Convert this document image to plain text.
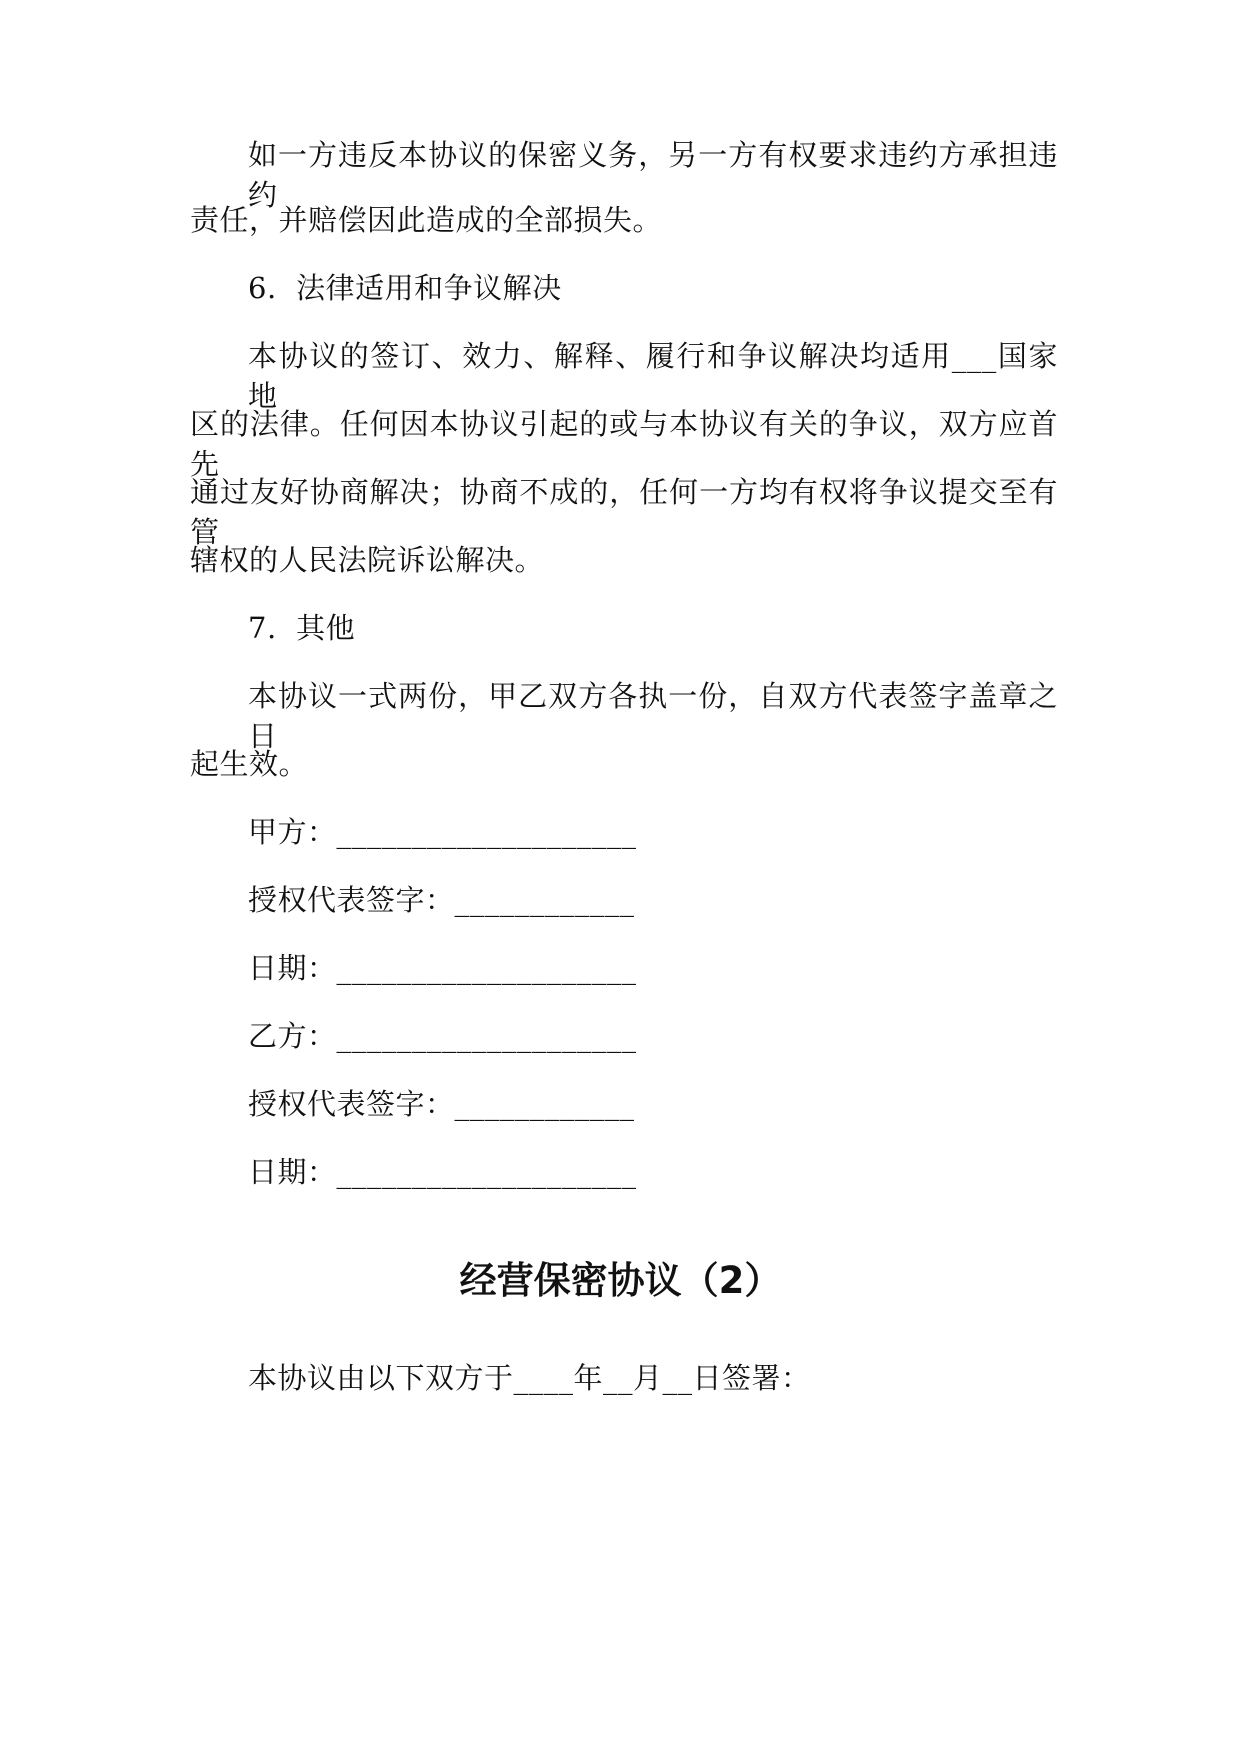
如一方违反本协议的保密义务，另一方有权要求违约方承担违约
责任，并赔偿因此造成的全部损失。
6.  法律适用和争议解决
本协议的签订、效力、解释、履行和争议解决均适用___国家地
区的法律。任何因本协议引起的或与本协议有关的争议，双方应首先
通过友好协商解决；协商不成的，任何一方均有权将争议提交至有管
辖权的人民法院诉讼解决。
7.  其他
本协议一式两份，甲乙双方各执一份，自双方代表签字盖章之日
起生效。
甲方：____________________
授权代表签字：____________
日期：____________________
乙方：____________________
授权代表签字：____________
日期：____________________
经营保密协议（2）
本协议由以下双方于____年__月__日签署：
